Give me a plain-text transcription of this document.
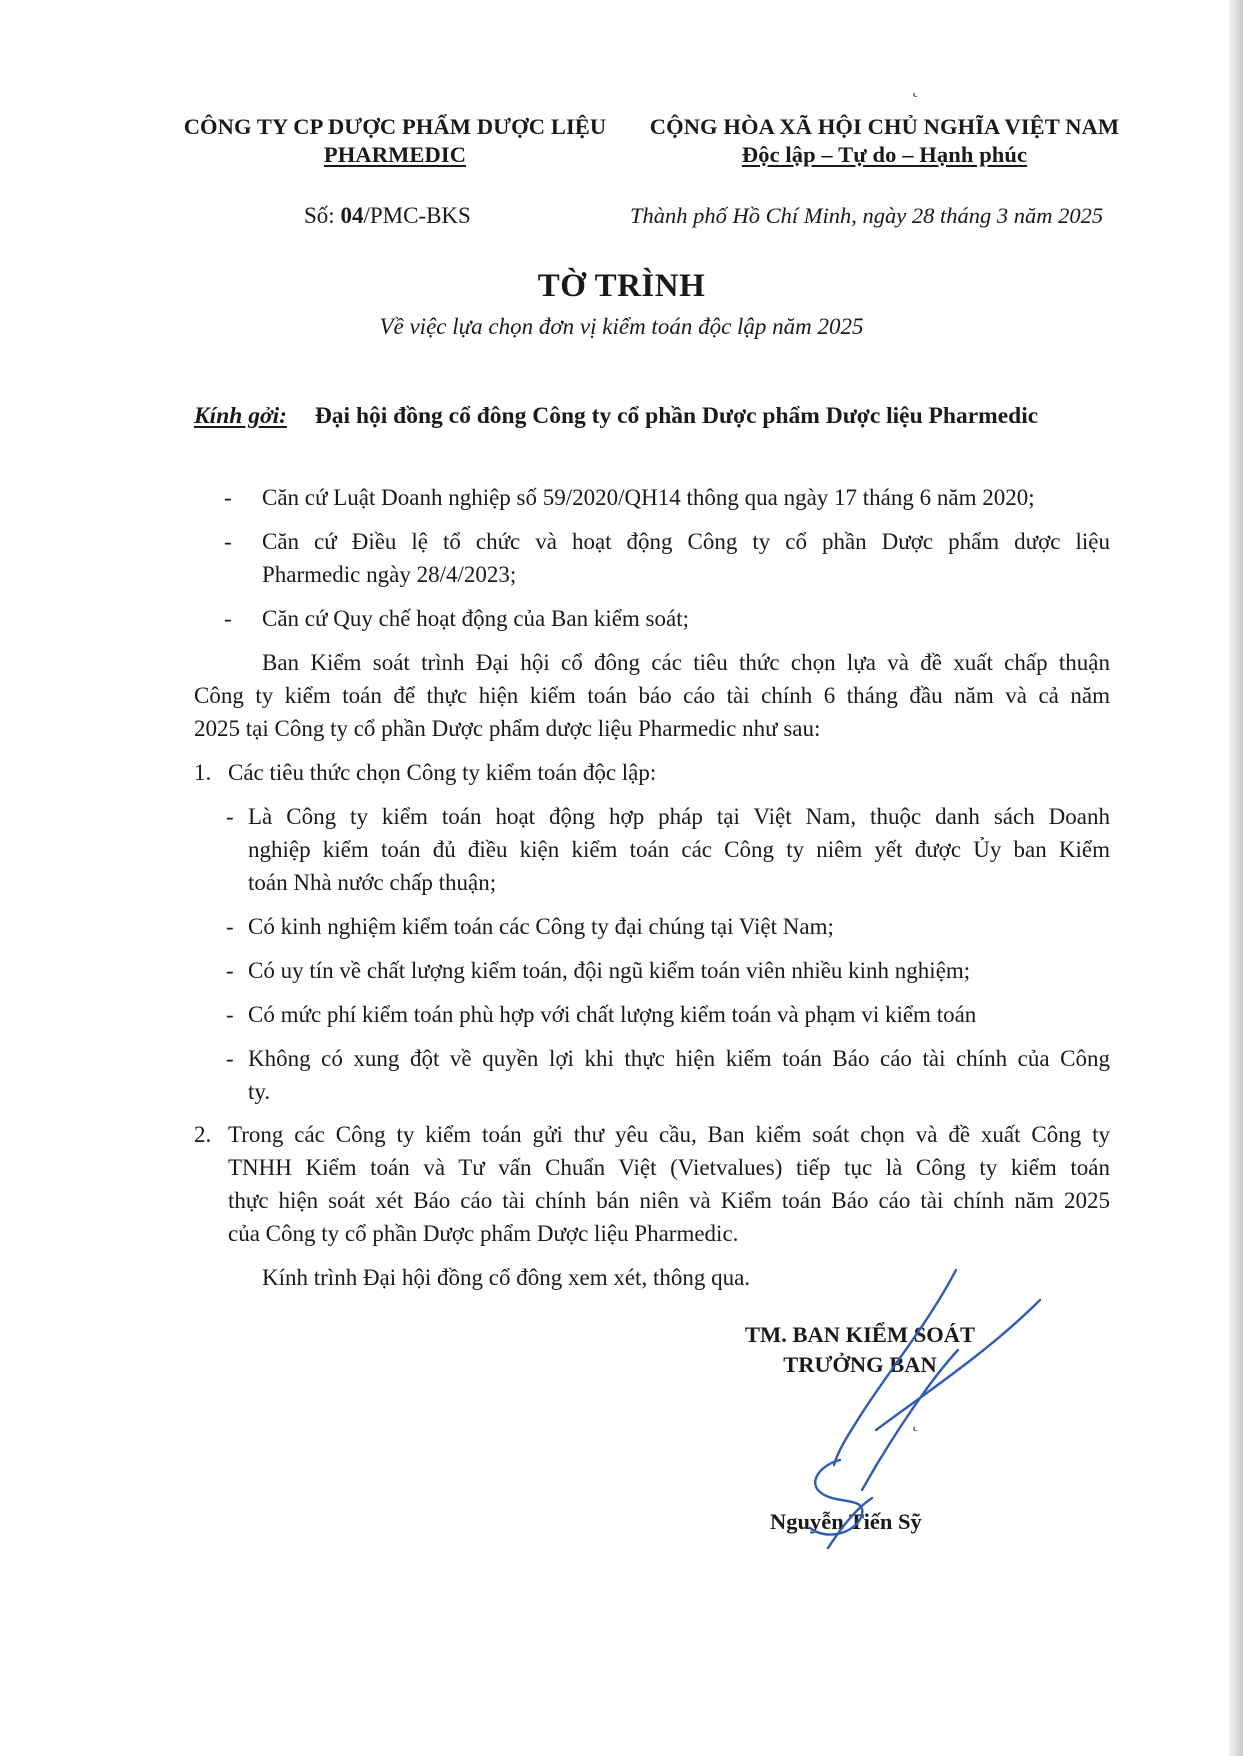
CÔNG TY CP DƯỢC PHẨM DƯỢC LIỆU
PHARMEDIC
CỘNG HÒA XÃ HỘI CHỦ NGHĨA VIỆT NAM
Độc lập – Tự do – Hạnh phúc
Số: 04/PMC-BKS	Thành phố Hồ Chí Minh, ngày 28 tháng 3 năm 2025
TỜ TRÌNH
Về việc lựa chọn đơn vị kiểm toán độc lập năm 2025
Kính gởi: Đại hội đồng cổ đông Công ty cổ phần Dược phẩm Dược liệu Pharmedic
- Căn cứ Luật Doanh nghiệp số 59/2020/QH14 thông qua ngày 17 tháng 6 năm 2020;
- Căn cứ Điều lệ tổ chức và hoạt động Công ty cổ phần Dược phẩm dược liệu
Pharmedic ngày 28/4/2023;
- Căn cứ Quy chế hoạt động của Ban kiểm soát;
Ban Kiểm soát trình Đại hội cổ đông các tiêu thức chọn lựa và đề xuất chấp thuận
Công ty kiểm toán để thực hiện kiểm toán báo cáo tài chính 6 tháng đầu năm và cả năm
2025 tại Công ty cổ phần Dược phẩm dược liệu Pharmedic như sau:
1. Các tiêu thức chọn Công ty kiểm toán độc lập:
- Là Công ty kiểm toán hoạt động hợp pháp tại Việt Nam, thuộc danh sách Doanh
nghiệp kiểm toán đủ điều kiện kiểm toán các Công ty niêm yết được Ủy ban Kiểm
toán Nhà nước chấp thuận;
- Có kinh nghiệm kiểm toán các Công ty đại chúng tại Việt Nam;
- Có uy tín về chất lượng kiểm toán, đội ngũ kiểm toán viên nhiều kinh nghiệm;
- Có mức phí kiểm toán phù hợp với chất lượng kiểm toán và phạm vi kiểm toán
- Không có xung đột về quyền lợi khi thực hiện kiểm toán Báo cáo tài chính của Công
ty.
2. Trong các Công ty kiểm toán gửi thư yêu cầu, Ban kiểm soát chọn và đề xuất Công ty
TNHH Kiểm toán và Tư vấn Chuẩn Việt (Vietvalues) tiếp tục là Công ty kiểm toán
thực hiện soát xét Báo cáo tài chính bán niên và Kiểm toán Báo cáo tài chính năm 2025
của Công ty cổ phần Dược phẩm Dược liệu Pharmedic.
Kính trình Đại hội đồng cổ đông xem xét, thông qua.
TM. BAN KIỂM SOÁT
TRƯỞNG BAN
Nguyễn Tiến Sỹ
˛
˛
